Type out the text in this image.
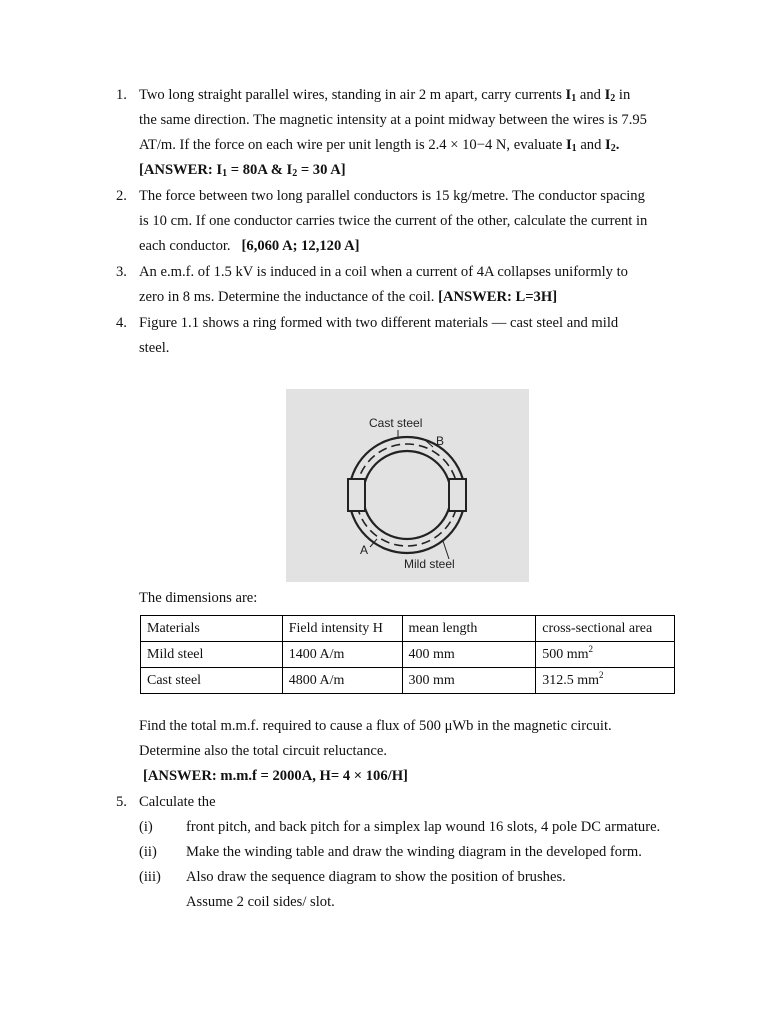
1. Two long straight parallel wires, standing in air 2 m apart, carry currents $I_1$ and $I_2$ in
the same direction. The magnetic intensity at a point midway between the wires is 7.95
AT/m. If the force on each wire per unit length is 2.4 × 10−4 N, evaluate $I_1$ and $I_2$.
[ANSWER: $I_1 = 80A$ & $I_2 = 30$ A]
2. The force between two long parallel conductors is 15 kg/metre. The conductor spacing
is 10 cm. If one conductor carries twice the current of the other, calculate the current in
each conductor. [6,060 A; 12,120 A]
3. An e.m.f. of 1.5 kV is induced in a coil when a current of 4A collapses uniformly to
zero in 8 ms. Determine the inductance of the coil. [ANSWER: L=3H]
4. Figure 1.1 shows a ring formed with two different materials — cast steel and mild
steel.
Cast steel
B
A
Mild steel
The dimensions are:
Materials	Field intensity H	mean length	cross-sectional area
Mild steel	1400 A/m	400 mm	500 $mm^2$
Cast steel	4800 A/m	300 mm	312.5 $mm^2$
Find the total m.m.f. required to cause a flux of 500 μWb in the magnetic circuit.
Determine also the total circuit reluctance.
[ANSWER: m.m.f = 2000A, H= 4 × 106/H]
5. Calculate the
(i) front pitch, and back pitch for a simplex lap wound 16 slots, 4 pole DC armature.
(ii) Make the winding table and draw the winding diagram in the developed form.
(iii) Also draw the sequence diagram to show the position of brushes.
Assume 2 coil sides/ slot.
